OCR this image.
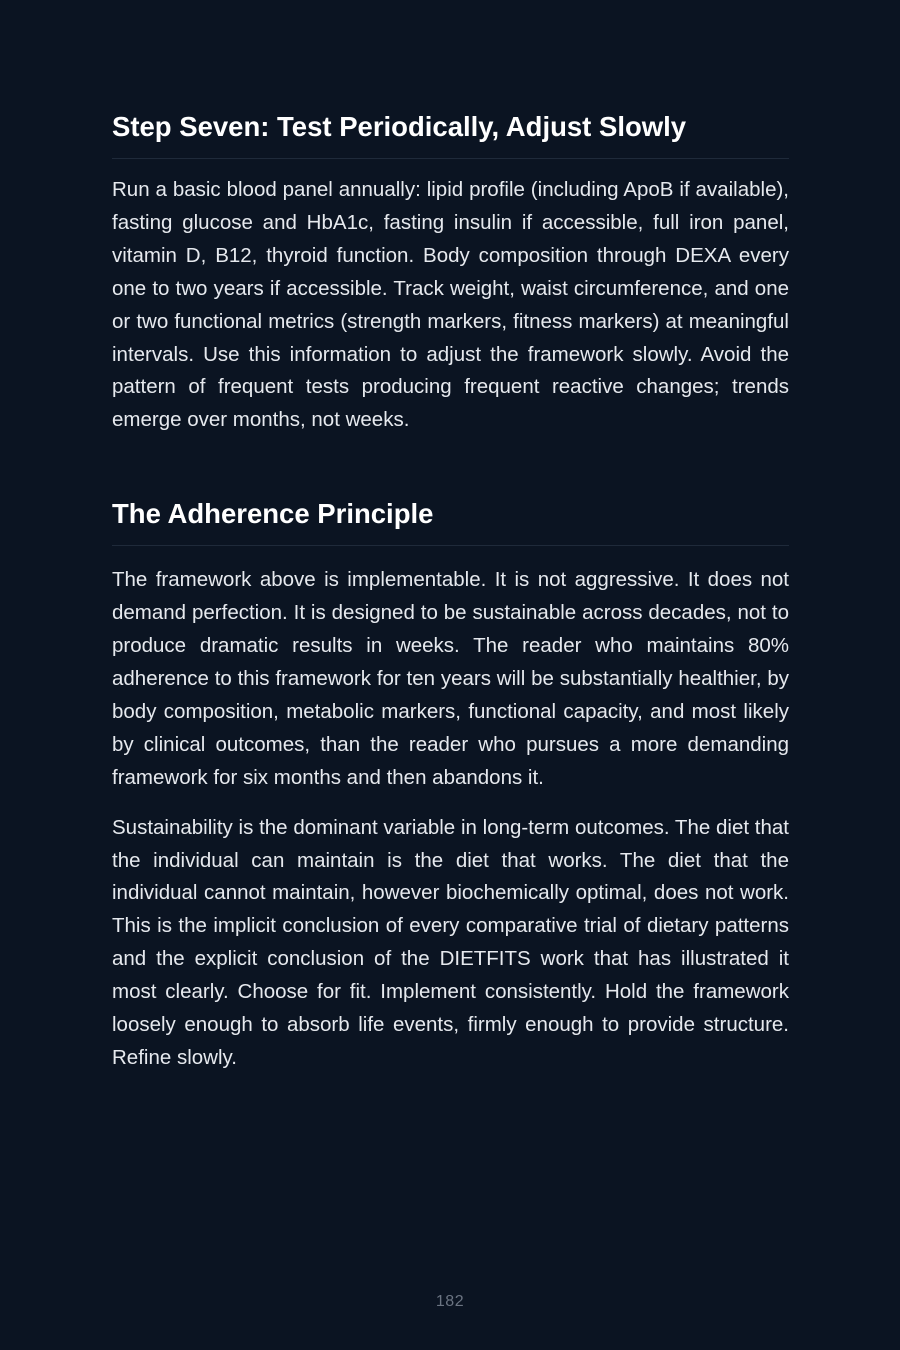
Step Seven: Test Periodically, Adjust Slowly

Run a basic blood panel annually: lipid profile (including ApoB if available), fasting glucose and HbA1c, fasting insulin if accessible, full iron panel, vitamin D, B12, thyroid function. Body composition through DEXA every one to two years if accessible. Track weight, waist circumference, and one or two functional metrics (strength markers, fitness markers) at meaningful intervals. Use this information to adjust the framework slowly. Avoid the pattern of frequent tests producing frequent reactive changes; trends emerge over months, not weeks.

The Adherence Principle

The framework above is implementable. It is not aggressive. It does not demand perfection. It is designed to be sustainable across decades, not to produce dramatic results in weeks. The reader who maintains 80% adherence to this framework for ten years will be substantially healthier, by body composition, metabolic markers, functional capacity, and most likely by clinical outcomes, than the reader who pursues a more demanding framework for six months and then abandons it.

Sustainability is the dominant variable in long-term outcomes. The diet that the individual can maintain is the diet that works. The diet that the individual cannot maintain, however biochemically optimal, does not work. This is the implicit conclusion of every comparative trial of dietary patterns and the explicit conclusion of the DIETFITS work that has illustrated it most clearly. Choose for fit. Implement consistently. Hold the framework loosely enough to absorb life events, firmly enough to provide structure. Refine slowly.

182
